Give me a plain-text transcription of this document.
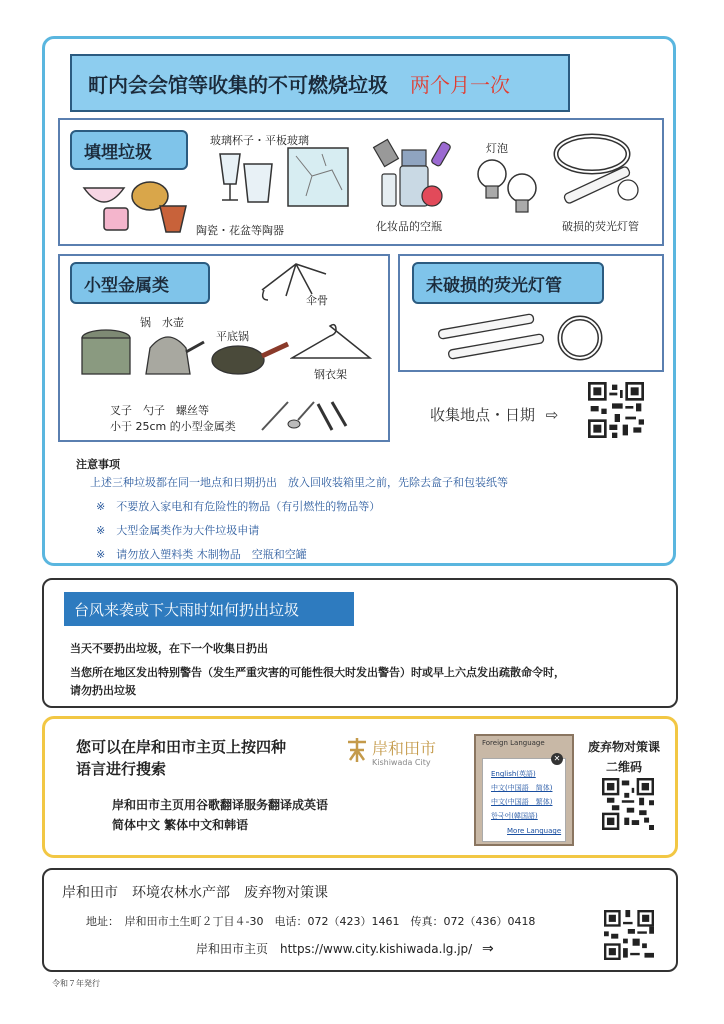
町内会会馆等收集的不可燃烧垃圾 两个月一次
填埋垃圾
陶瓷・花盆等陶器
玻璃杯子・平板玻璃
化妆品的空瓶
灯泡
破损的荧光灯管
小型金属类
伞骨
锅　水壶
平底锅
钢衣架
叉子　勺子　螺丝等
小于 25cm 的小型金属类
未破损的荧光灯管
收集地点・日期 ⇨
注意事项
上述三种垃圾都在同一地点和日期扔出　放入回收装箱里之前，先除去盒子和包装纸等
※　不要放入家电和有危险性的物品（有引燃性的物品等）
※　大型金属类作为大件垃圾申请
※　请勿放入塑料类 木制物品　空瓶和空罐
台风来袭或下大雨时如何扔出垃圾
当天不要扔出垃圾，在下一个收集日扔出
当您所在地区发出特别警告（发生严重灾害的可能性很大时发出警告）时或早上六点发出疏散命令时，
请勿扔出垃圾
您可以在岸和田市主页上按四种
语言进行搜索
岸和田市
Kishiwada City
岸和田市主页用谷歌翻译服务翻译成英语
简体中文 繁体中文和韩语
Foreign Language
✕
English(英語)
中文(中国語　简体)
中文(中国語　繁体)
한국어(韓国語)
More Language
废弃物对策课
二维码
岸和田市　环境农林水产部　废弃物对策课
地址：　岸和田市土生町２丁目４-30　电话：072（423）1461　传真：072（436）0418
岸和田市主页　https://www.city.kishiwada.lg.jp/ ⇒
令和７年発行
